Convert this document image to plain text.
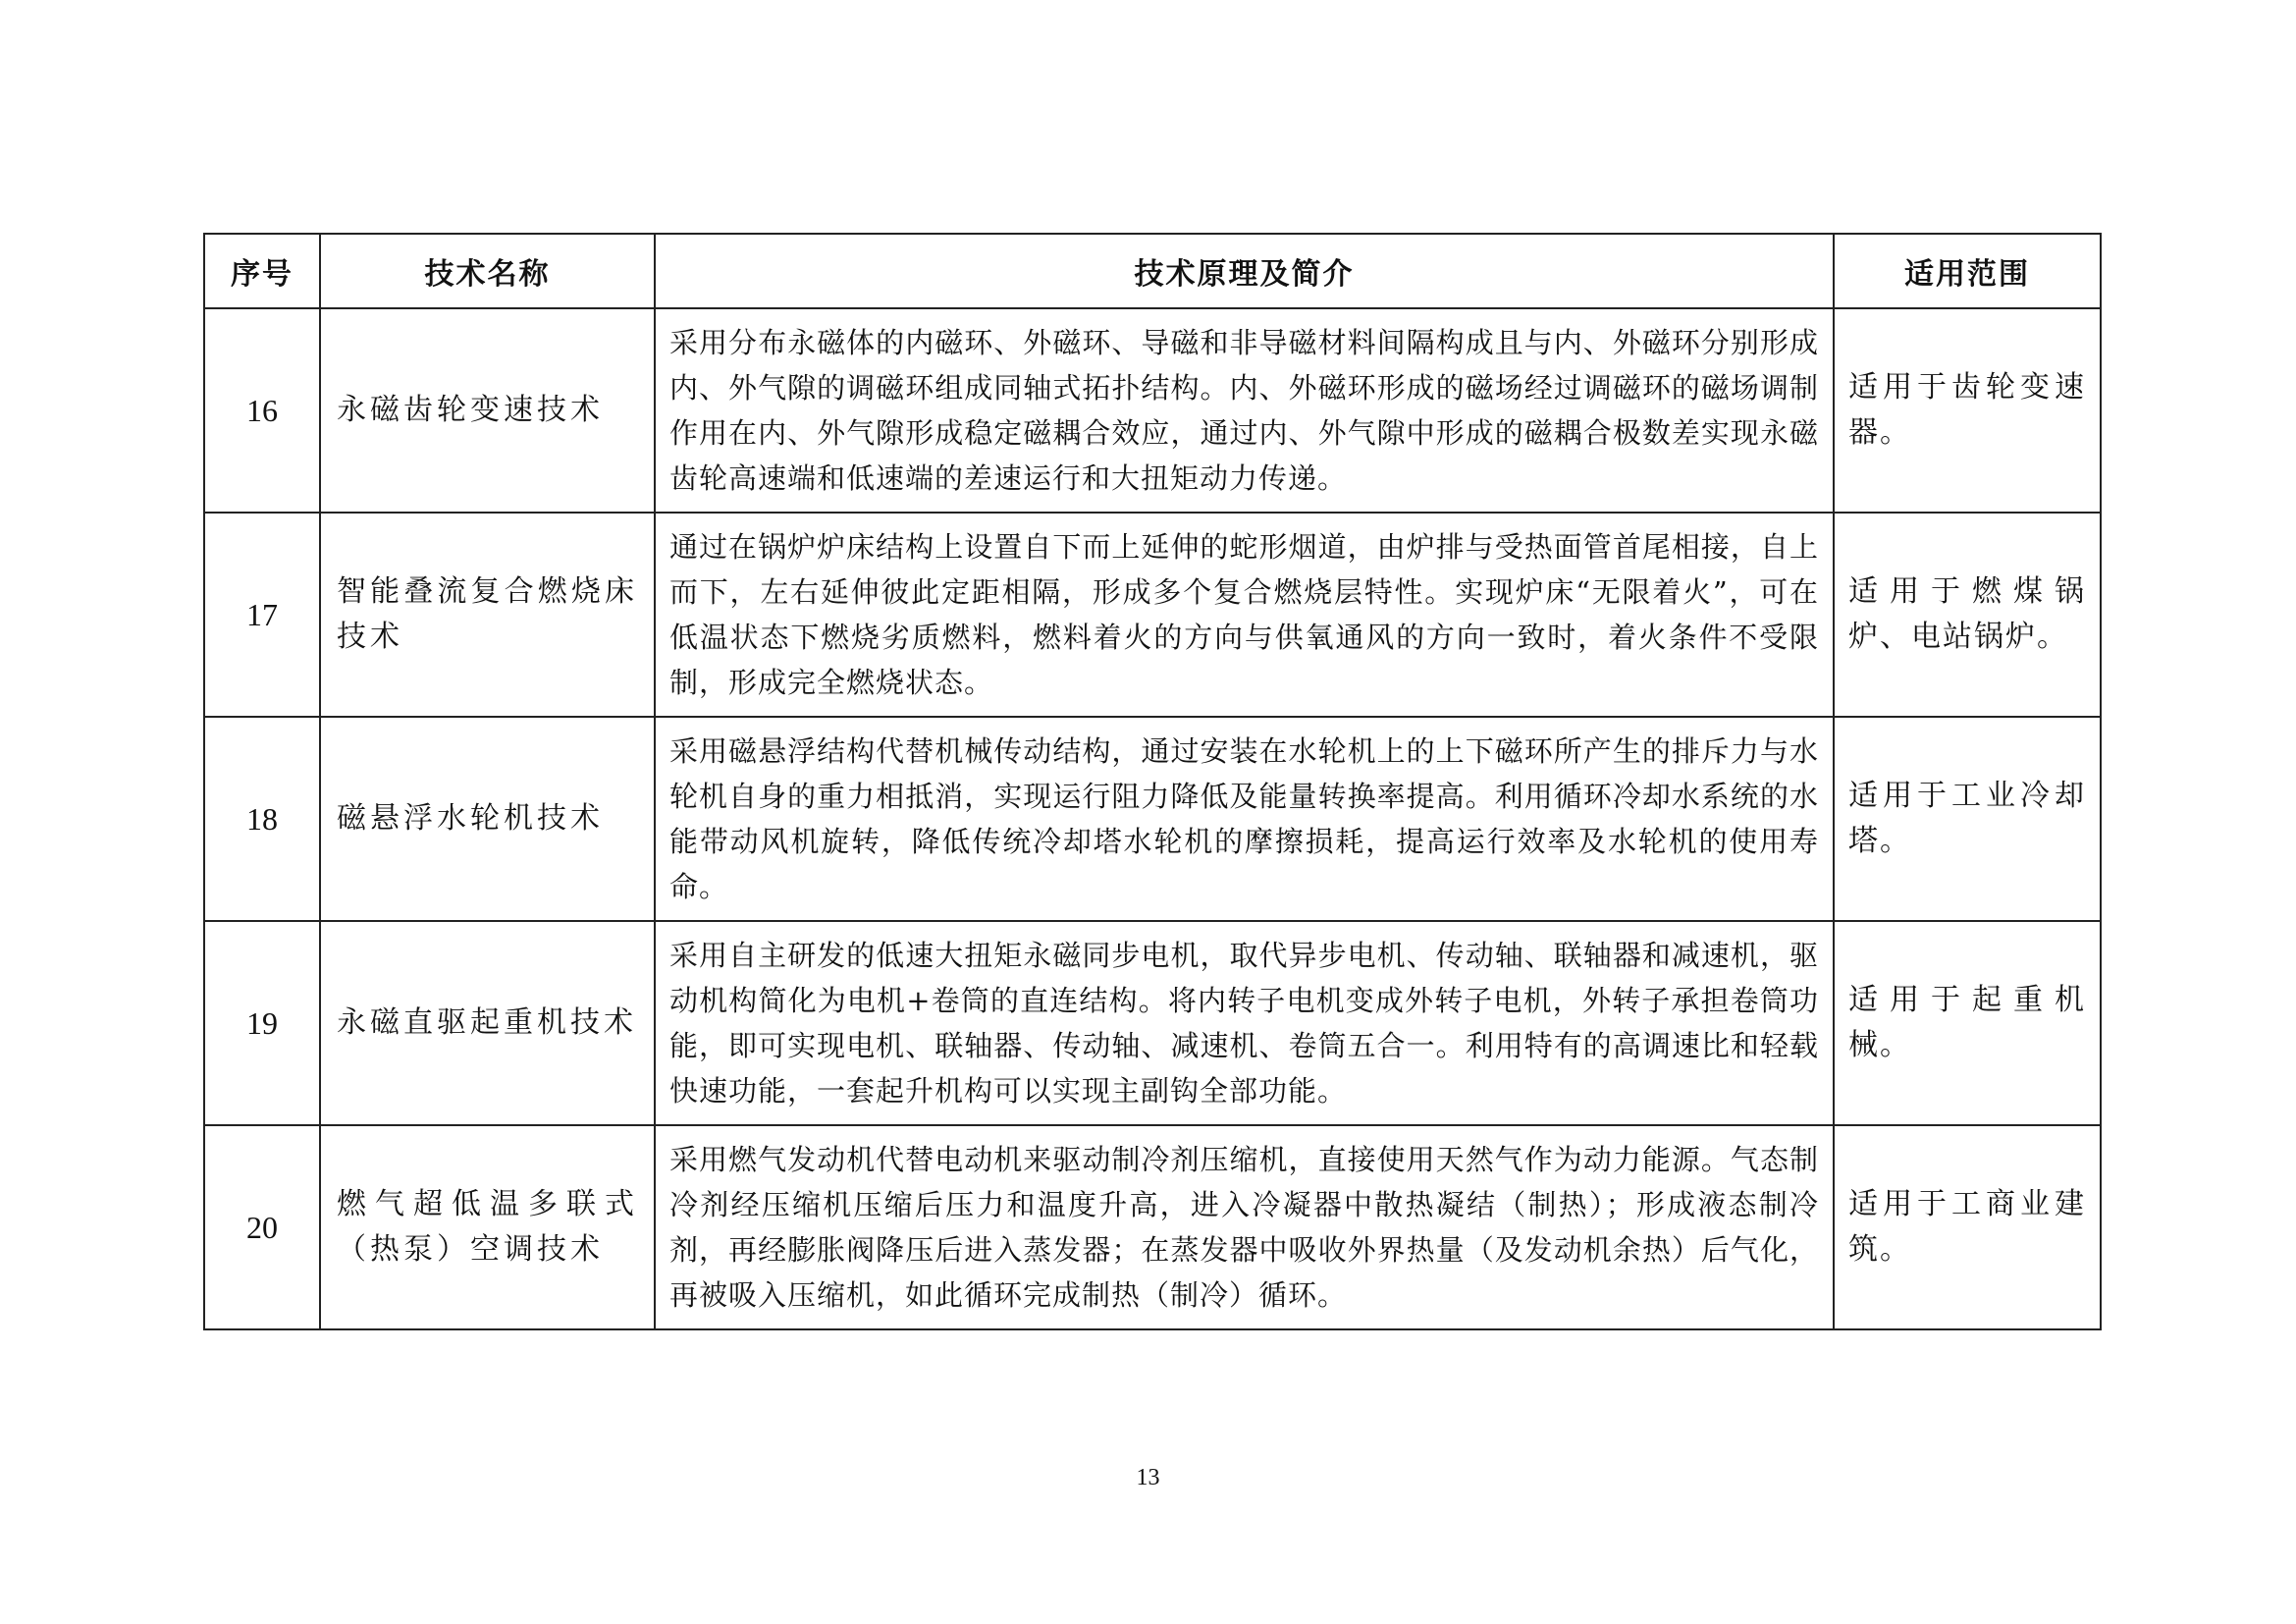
序号	技术名称	技术原理及简介	适用范围
16	永磁齿轮变速技术	采用分布永磁体的内磁环、外磁环、导磁和非导磁材料间隔构成且与内、外磁环分别形成内、外气隙的调磁环组成同轴式拓扑结构。内、外磁环形成的磁场经过调磁环的磁场调制作用在内、外气隙形成稳定磁耦合效应，通过内、外气隙中形成的磁耦合极数差实现永磁齿轮高速端和低速端的差速运行和大扭矩动力传递。	适用于齿轮变速器。
17	智能叠流复合燃烧床技术	通过在锅炉炉床结构上设置自下而上延伸的蛇形烟道，由炉排与受热面管首尾相接，自上而下，左右延伸彼此定距相隔，形成多个复合燃烧层特性。实现炉床“无限着火”，可在低温状态下燃烧劣质燃料，燃料着火的方向与供氧通风的方向一致时，着火条件不受限制，形成完全燃烧状态。	适用于燃煤锅炉、电站锅炉。
18	磁悬浮水轮机技术	采用磁悬浮结构代替机械传动结构，通过安装在水轮机上的上下磁环所产生的排斥力与水轮机自身的重力相抵消，实现运行阻力降低及能量转换率提高。利用循环冷却水系统的水能带动风机旋转，降低传统冷却塔水轮机的摩擦损耗，提高运行效率及水轮机的使用寿命。	适用于工业冷却塔。
19	永磁直驱起重机技术	采用自主研发的低速大扭矩永磁同步电机，取代异步电机、传动轴、联轴器和减速机，驱动机构简化为电机+卷筒的直连结构。将内转子电机变成外转子电机，外转子承担卷筒功能，即可实现电机、联轴器、传动轴、减速机、卷筒五合一。利用特有的高调速比和轻载快速功能，一套起升机构可以实现主副钩全部功能。	适用于起重机械。
20	燃气超低温多联式（热泵）空调技术	采用燃气发动机代替电动机来驱动制冷剂压缩机，直接使用天然气作为动力能源。气态制冷剂经压缩机压缩后压力和温度升高，进入冷凝器中散热凝结（制热）；形成液态制冷剂，再经膨胀阀降压后进入蒸发器；在蒸发器中吸收外界热量（及发动机余热）后气化，再被吸入压缩机，如此循环完成制热（制冷）循环。	适用于工商业建筑。
13
